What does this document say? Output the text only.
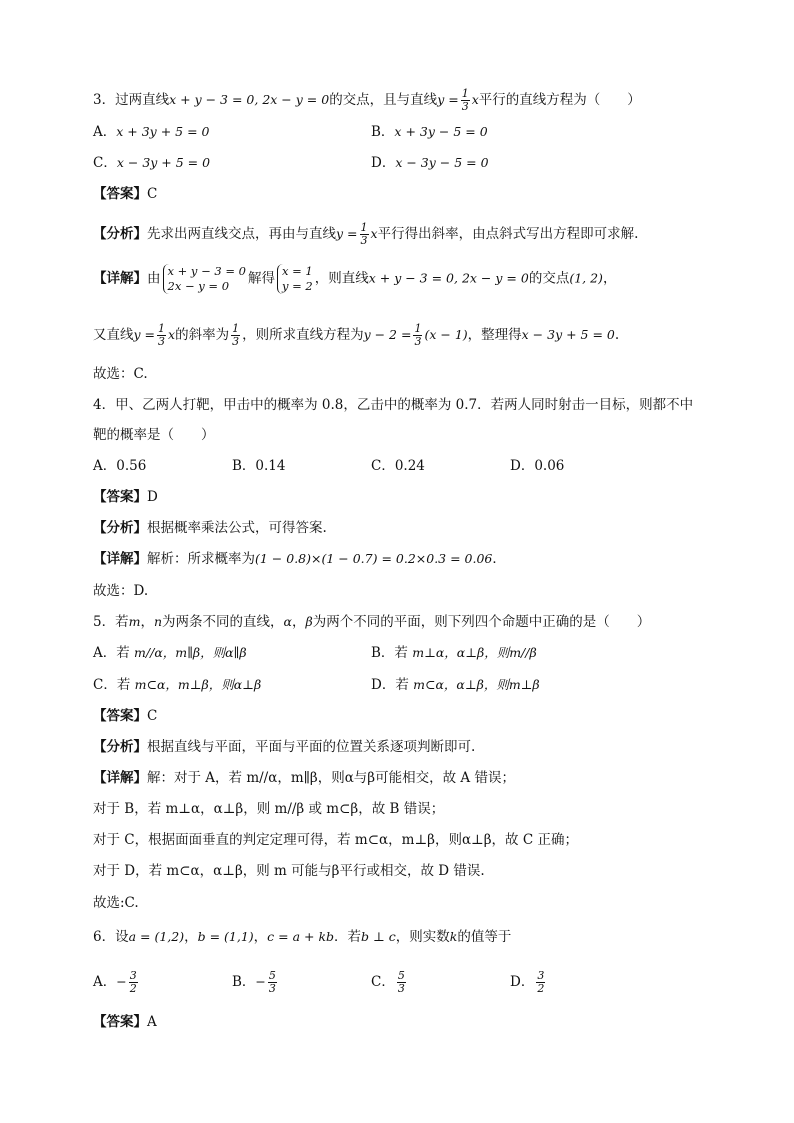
3．过两直线x + y − 3 = 0, 2x − y = 0的交点，且与直线$y = \frac{1}{3}$ x平行的直线方程为（　　）
A．x + 3y + 5 = 0	B．x + 3y − 5 = 0
C．x − 3y + 5 = 0	D．x − 3y − 5 = 0
【答案】C
【分析】先求出两直线交点，再由与直线$y = \frac{1}{3}$ x平行得出斜率，由点斜式写出方程即可求解.
【详解】由 x + y − 3 = 0
2x − y = 0 解得 x = 1
y = 2 ，则直线x + y − 3 = 0, 2x − y = 0的交点(1, 2)，
又直线$y = \frac{1}{3}$ x的斜率为 $\frac{1}{3}$ ，则所求直线方程为$y - 2 = \frac{1}{3} (x - 1)$，整理得x − 3y + 5 = 0.
故选：C.
4．甲、乙两人打靶，甲击中的概率为 0.8，乙击中的概率为 0.7．若两人同时射击一目标，则都不中
靶的概率是（　　）
A．0.56	B．0.14	C．0.24	D．0.06
【答案】D
【分析】根据概率乘法公式，可得答案.
【详解】解析：所求概率为(1 − 0.8)×(1 − 0.7) = 0.2×0.3 = 0.06．
故选：D.
5．若m，n为两条不同的直线，α，β为两个不同的平面，则下列四个命题中正确的是（　　）
A．若 m//α，m∥β，则α∥β	B．若 m⊥α，α⊥β，则m//β
C．若 m⊂α，m⊥β，则α⊥β	D．若 m⊂α，α⊥β，则m⊥β
【答案】C
【分析】根据直线与平面，平面与平面的位置关系逐项判断即可.
【详解】解：对于 A，若 m//α，m∥β，则α与β可能相交，故 A 错误；
对于 B，若 m⊥α，α⊥β，则 m//β 或 m⊂β，故 B 错误；
对于 C，根据面面垂直的判定定理可得，若 m⊂α，m⊥β，则α⊥β，故 C 正确；
对于 D，若 m⊂α，α⊥β，则 m 可能与β平行或相交，故 D 错误.
故选:C.
6．设a = (1,2)，b = (1,1)，c = a + kb．若b ⊥ c，则实数k的值等于
A．− $\frac{3}{2}$	B．− $\frac{5}{3}$	C． $\frac{5}{3}$	D． $\frac{3}{2}$
【答案】A
